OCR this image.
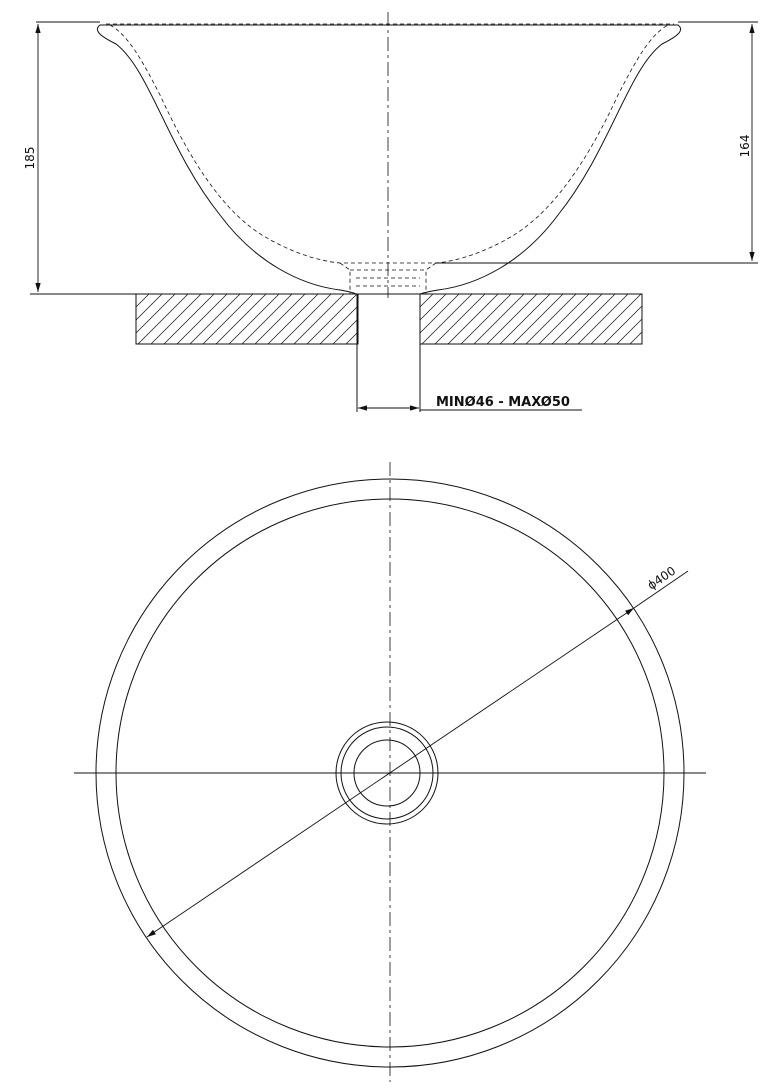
185
164
MINØ46 - MAXØ50
ϕ400
